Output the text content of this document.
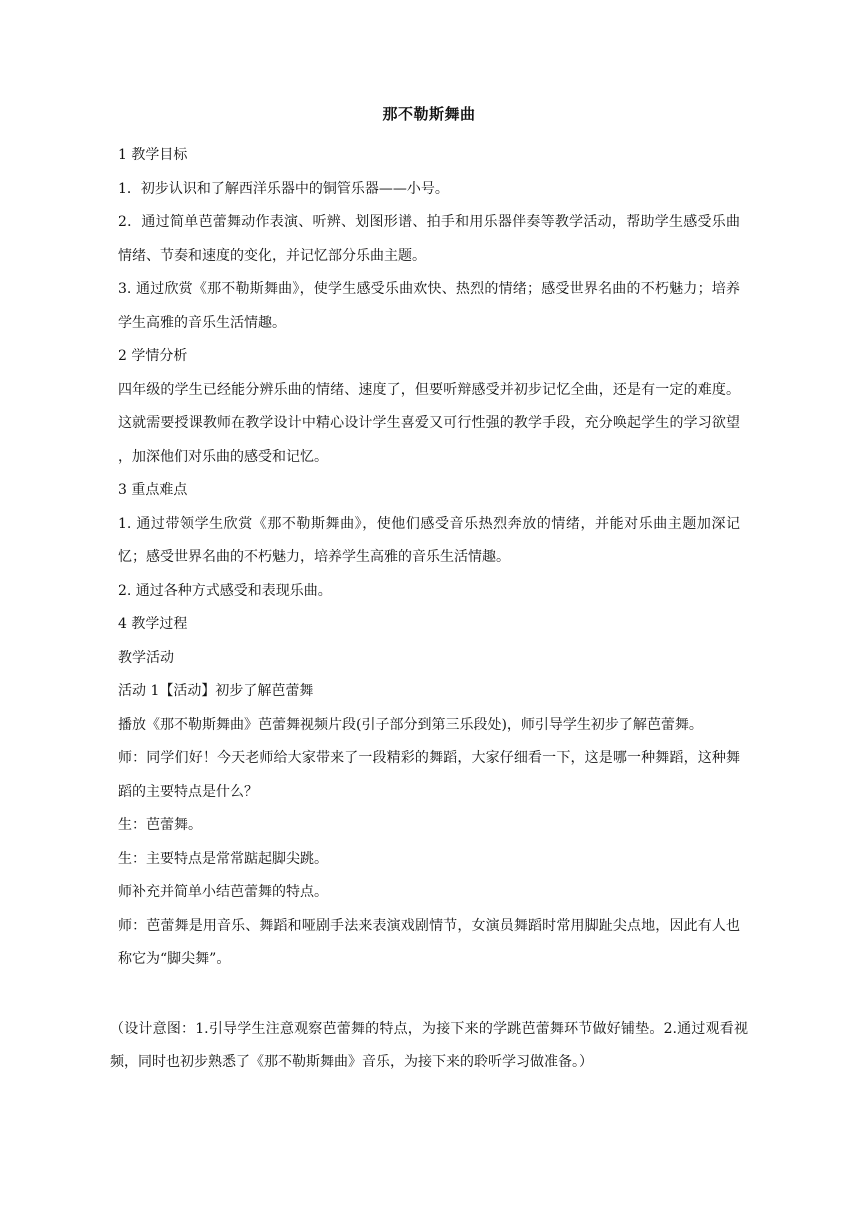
那不勒斯舞曲

1 教学目标

1．初步认识和了解西洋乐器中的铜管乐器——小号。

2．通过简单芭蕾舞动作表演、听辨、划图形谱、拍手和用乐器伴奏等教学活动，帮助学生感受乐曲情绪、节奏和速度的变化，并记忆部分乐曲主题。

3. 通过欣赏《那不勒斯舞曲》，使学生感受乐曲欢快、热烈的情绪；感受世界名曲的不朽魅力；培养学生高雅的音乐生活情趣。

2 学情分析

四年级的学生已经能分辨乐曲的情绪、速度了，但要听辩感受并初步记忆全曲，还是有一定的难度。这就需要授课教师在教学设计中精心设计学生喜爱又可行性强的教学手段，充分唤起学生的学习欲望 ，加深他们对乐曲的感受和记忆。

3 重点难点

1. 通过带领学生欣赏《那不勒斯舞曲》，使他们感受音乐热烈奔放的情绪，并能对乐曲主题加深记忆；感受世界名曲的不朽魅力，培养学生高雅的音乐生活情趣。

2. 通过各种方式感受和表现乐曲。

4 教学过程

教学活动

活动 1【活动】初步了解芭蕾舞

播放《那不勒斯舞曲》芭蕾舞视频片段(引子部分到第三乐段处)，师引导学生初步了解芭蕾舞。

师：同学们好！今天老师给大家带来了一段精彩的舞蹈，大家仔细看一下，这是哪一种舞蹈，这种舞蹈的主要特点是什么？

生：芭蕾舞。

生：主要特点是常常踮起脚尖跳。

师补充并简单小结芭蕾舞的特点。

师：芭蕾舞是用音乐、舞蹈和哑剧手法来表演戏剧情节，女演员舞蹈时常用脚趾尖点地，因此有人也称它为“脚尖舞”。

（设计意图：1.引导学生注意观察芭蕾舞的特点，为接下来的学跳芭蕾舞环节做好铺垫。2.通过观看视频，同时也初步熟悉了《那不勒斯舞曲》音乐，为接下来的聆听学习做准备。）
